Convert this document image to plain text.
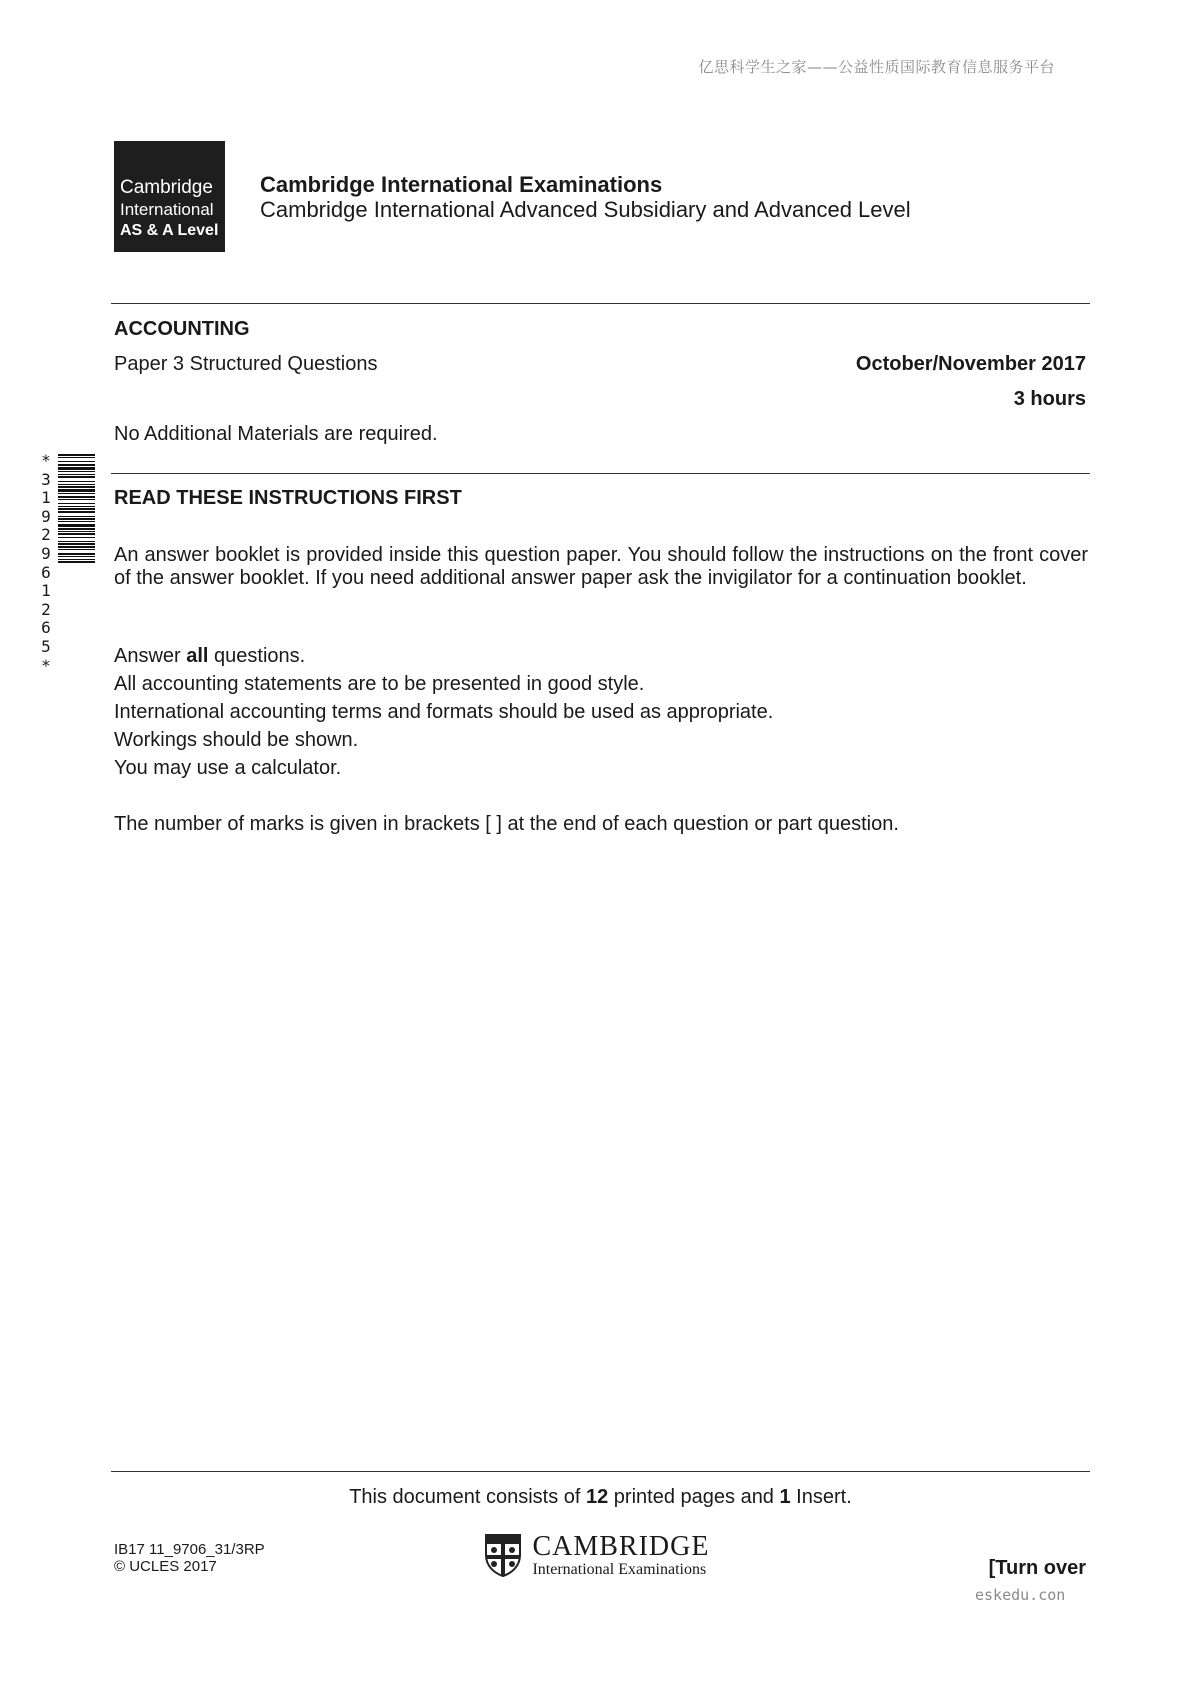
亿思科学生之家——公益性质国际教育信息服务平台
Cambridge
International
AS & A Level
Cambridge International Examinations
Cambridge International Advanced Subsidiary and Advanced Level
ACCOUNTING
Paper 3 Structured Questions	October/November 2017
3 hours
No Additional Materials are required.
*
3
1
9
2
9
6
1
2
6
5
*
READ THESE INSTRUCTIONS FIRST
An answer booklet is provided inside this question paper. You should follow the instructions on the front cover of the answer booklet. If you need additional answer paper ask the invigilator for a continuation booklet.
Answer all questions.
All accounting statements are to be presented in good style.
International accounting terms and formats should be used as appropriate.
Workings should be shown.
You may use a calculator.
The number of marks is given in brackets [ ] at the end of each question or part question.
This document consists of 12 printed pages and 1 Insert.
IB17 11_9706_31/3RP
© UCLES 2017

CAMBRIDGE
International Examinations	[Turn over
eskedu.con
